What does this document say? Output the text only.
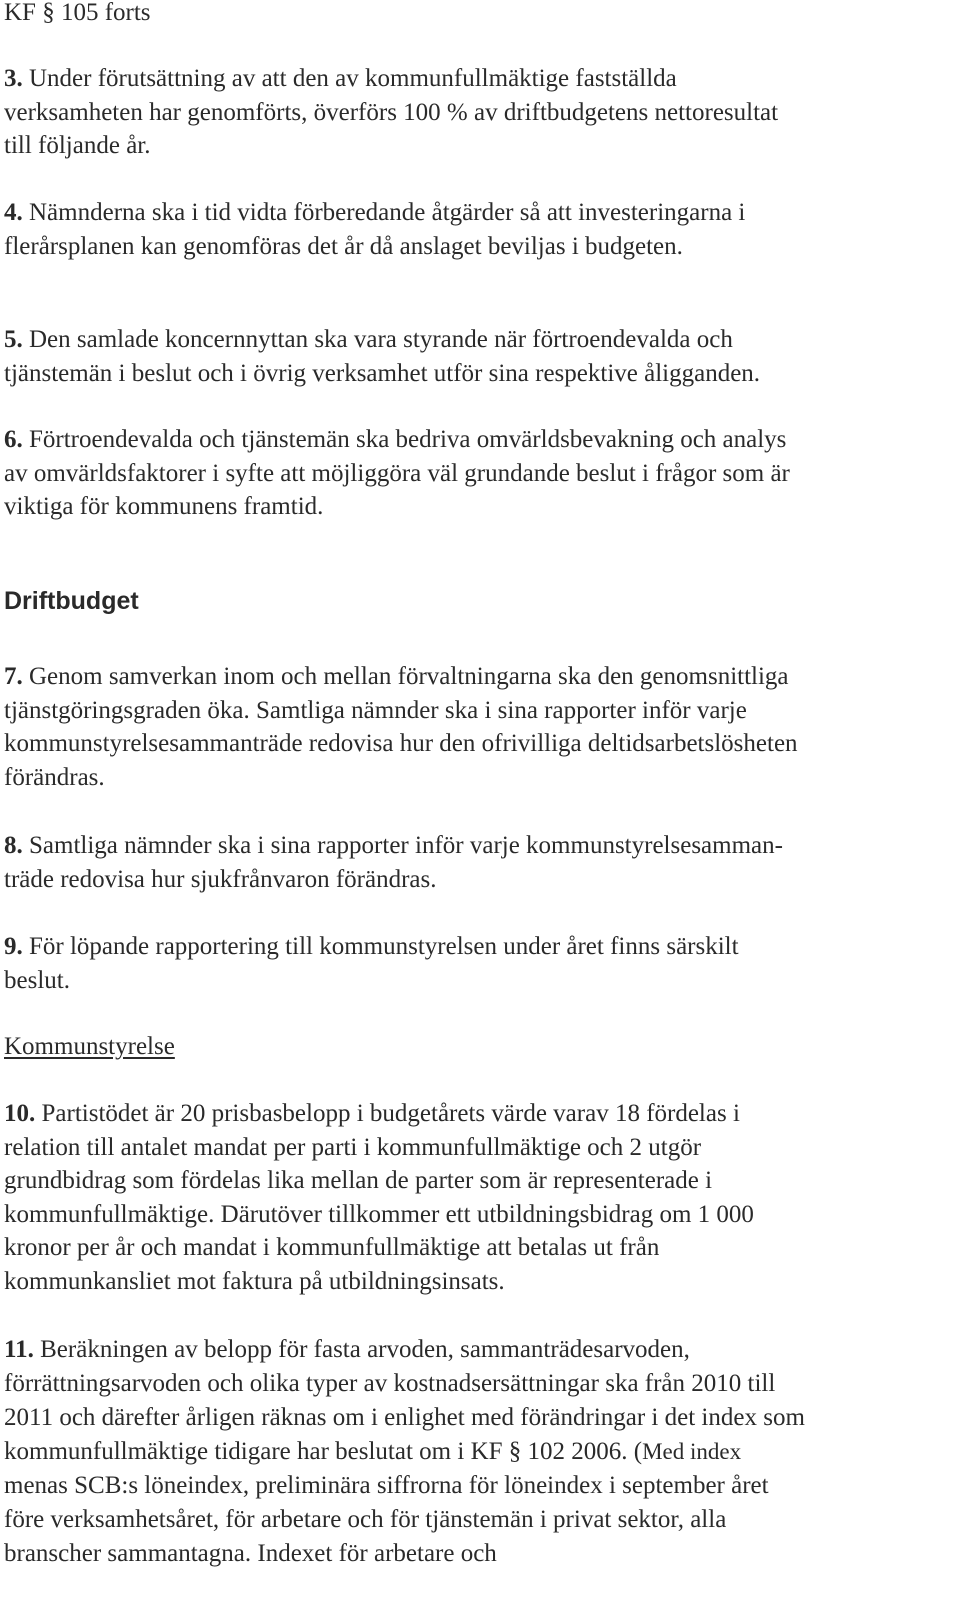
KF § 105 forts

3. Under förutsättning av att den av kommunfullmäktige fastställda
verksamheten har genomförts, överförs 100 % av driftbudgetens nettoresultat
till följande år.

4. Nämnderna ska i tid vidta förberedande åtgärder så att investeringarna i
flerårsplanen kan genomföras det år då anslaget beviljas i budgeten.

5. Den samlade koncernnyttan ska vara styrande när förtroendevalda och
tjänstemän i beslut och i övrig verksamhet utför sina respektive åligganden.

6. Förtroendevalda och tjänstemän ska bedriva omvärldsbevakning och analys
av omvärldsfaktorer i syfte att möjliggöra väl grundande beslut i frågor som är
viktiga för kommunens framtid.

Driftbudget

7. Genom samverkan inom och mellan förvaltningarna ska den genomsnittliga
tjänstgöringsgraden öka. Samtliga nämnder ska i sina rapporter inför varje
kommunstyrelsesammanträde redovisa hur den ofrivilliga deltidsarbetslösheten
förändras.

8. Samtliga nämnder ska i sina rapporter inför varje kommunstyrelsesamman-
träde redovisa hur sjukfrånvaron förändras.

9. För löpande rapportering till kommunstyrelsen under året finns särskilt
beslut.

Kommunstyrelse

10. Partistödet är 20 prisbasbelopp i budgetårets värde varav 18 fördelas i
relation till antalet mandat per parti i kommunfullmäktige och 2 utgör
grundbidrag som fördelas lika mellan de parter som är representerade i
kommunfullmäktige. Därutöver tillkommer ett utbildningsbidrag om 1 000
kronor per år och mandat i kommunfullmäktige att betalas ut från
kommunkansliet mot faktura på utbildningsinsats.

11. Beräkningen av belopp för fasta arvoden, sammanträdesarvoden,
förrättningsarvoden och olika typer av kostnadsersättningar ska från 2010 till
2011 och därefter årligen räknas om i enlighet med förändringar i det index som
kommunfullmäktige tidigare har beslutat om i KF § 102 2006. (Med index
menas SCB:s löneindex, preliminära siffrorna för löneindex i september året
före verksamhetsåret, för arbetare och för tjänstemän i privat sektor, alla
branscher sammantagna. Indexet för arbetare och
